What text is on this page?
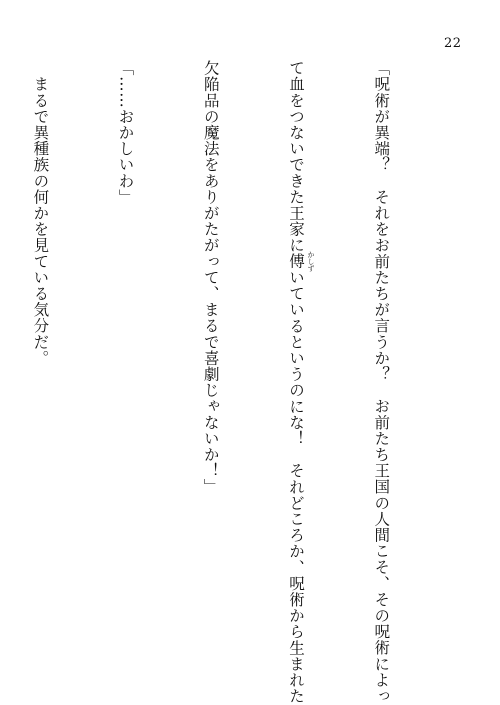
22

「呪術が異端？　それをお前たちが言うか？　お前たち王国の人間こそ、その呪術によっ

て血をつないできた王家に傅 かしず
いているというのにな！　それどころか、呪術から生まれた

欠陥品の魔法をありがたがって、まるで喜劇じゃないか！」

「……おかしいわ」

　まるで異種族の何かを見ている気分だ。
